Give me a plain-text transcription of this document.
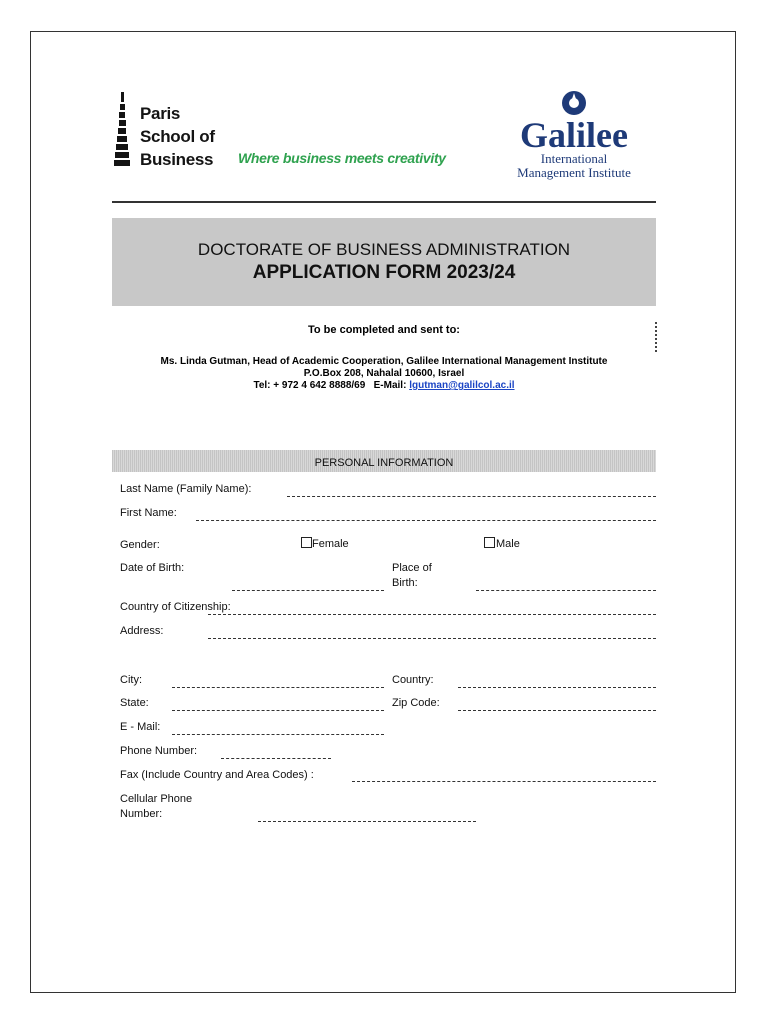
Paris
School of
Business Where business meets creativity
Galilee
International
Management Institute
DOCTORATE OF BUSINESS ADMINISTRATION
APPLICATION FORM 2023/24
To be completed and sent to:
Ms. Linda Gutman, Head of Academic Cooperation, Galilee International Management Institute
P.O.Box 208, Nahalal 10600, Israel
Tel: + 972 4 642 8888/69   E-Mail: lgutman@galilcol.ac.il
PERSONAL INFORMATION
Last Name (Family Name):
First Name:
Gender:	Female	Male
Date of Birth:	Place of
Birth:
Country of Citizenship:
Address:
City:	Country:
State:	Zip Code:
E - Mail:
Phone Number:
Fax (Include Country and Area Codes) :
Cellular Phone
Number:
